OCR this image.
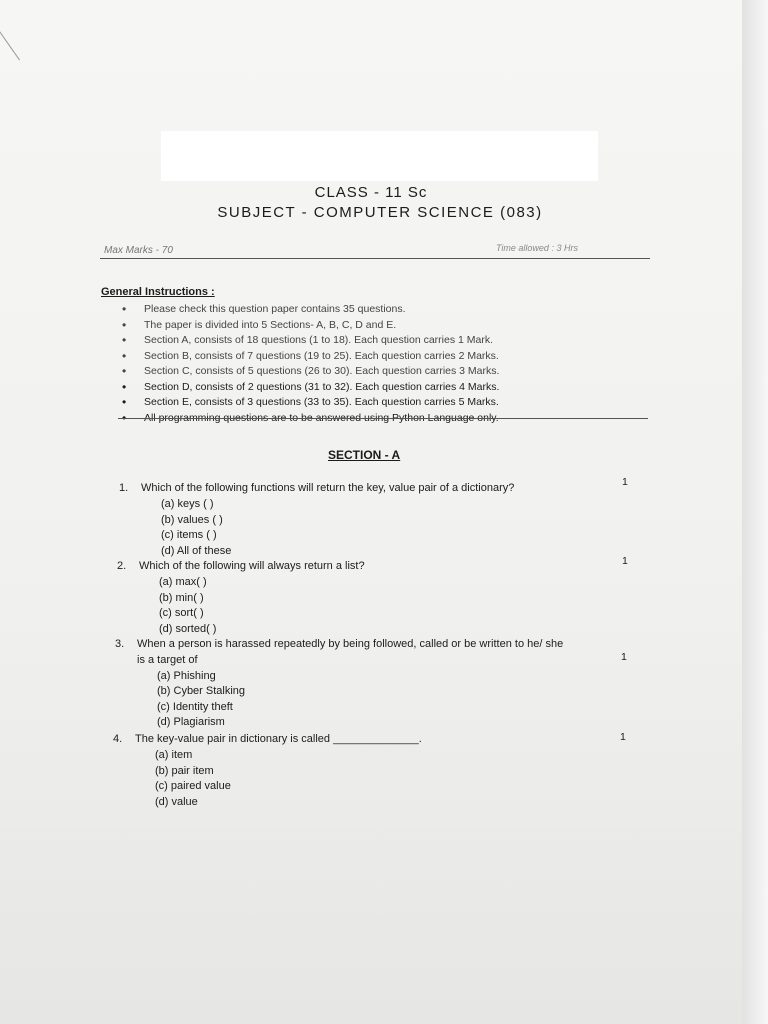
CLASS - 11 Sc
SUBJECT - COMPUTER SCIENCE (083)
Max Marks - 70	Time allowed : 3 Hrs
General Instructions :
• Please check this question paper contains 35 questions.
• The paper is divided into 5 Sections- A, B, C, D and E.
• Section A, consists of 18 questions (1 to 18). Each question carries 1 Mark.
• Section B, consists of 7 questions (19 to 25). Each question carries 2 Marks.
• Section C, consists of 5 questions (26 to 30). Each question carries 3 Marks.
• Section D, consists of 2 questions (31 to 32). Each question carries 4 Marks.
• Section E, consists of 3 questions (33 to 35). Each question carries 5 Marks.
• All programming questions are to be answered using Python Language only.
SECTION - A
1. Which of the following functions will return the key, value pair of a dictionary?
(a) keys ( )
(b) values ( )
(c) items ( )
(d) All of these
1
2. Which of the following will always return a list?
(a) max( )
(b) min( )
(c) sort( )
(d) sorted( )
1
3. When a person is harassed repeatedly by being followed, called or be written to he/ she
is a target of
(a) Phishing
(b) Cyber Stalking
(c) Identity theft
(d) Plagiarism
1
4. The key-value pair in dictionary is called ______________.
(a) item
(b) pair item
(c) paired value
(d) value
1
